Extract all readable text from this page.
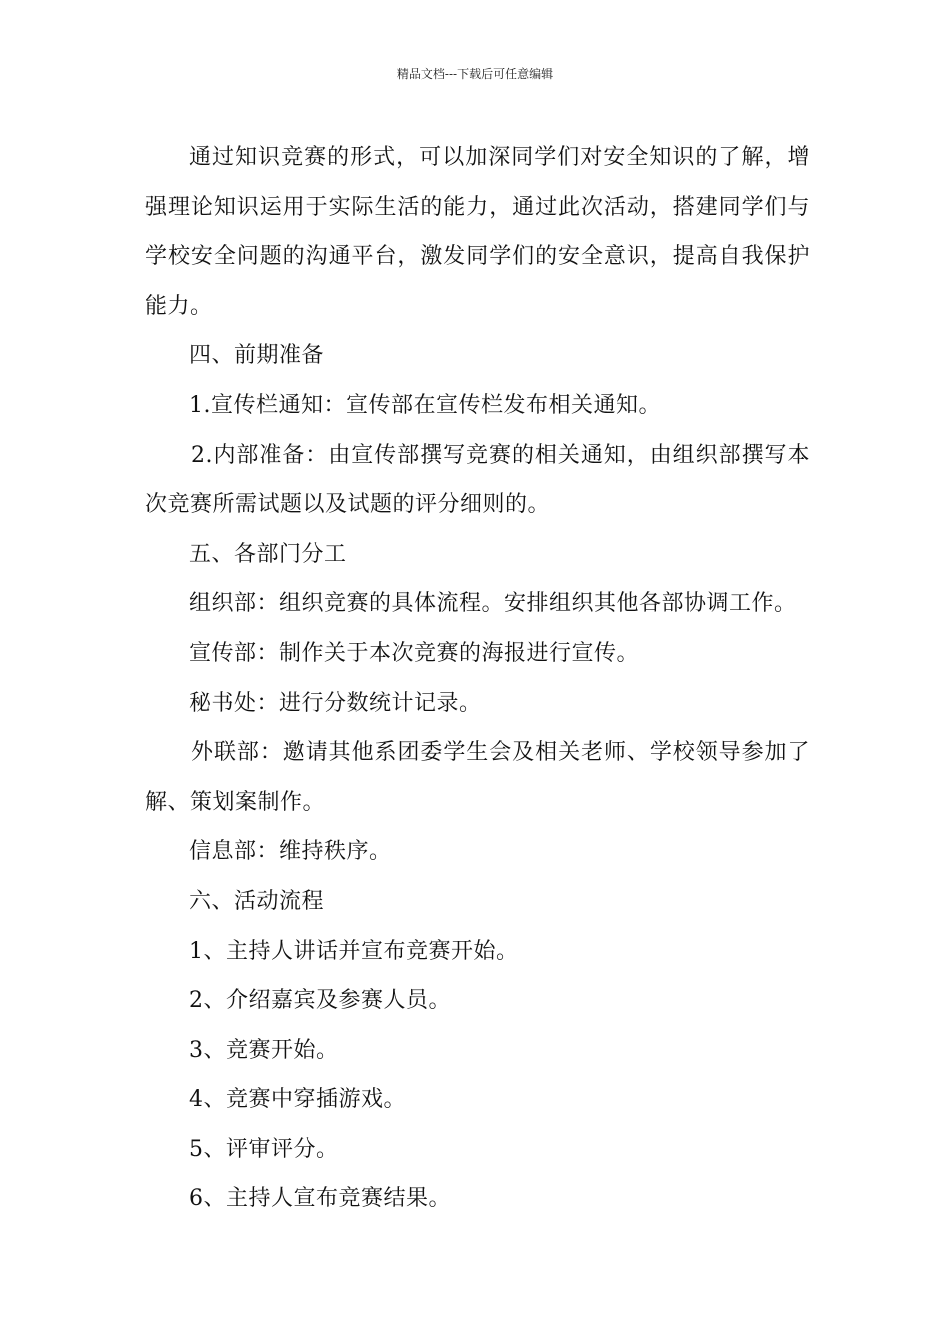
精品文档---下载后可任意编辑

通过知识竞赛的形式，可以加深同学们对安全知识的了解，增强理论知识运用于实际生活的能力，通过此次活动，搭建同学们与学校安全问题的沟通平台，激发同学们的安全意识，提高自我保护能力。

四、前期准备

1.宣传栏通知：宣传部在宣传栏发布相关通知。

2.内部准备：由宣传部撰写竞赛的相关通知，由组织部撰写本次竞赛所需试题以及试题的评分细则的。

五、各部门分工

组织部：组织竞赛的具体流程。安排组织其他各部协调工作。

宣传部：制作关于本次竞赛的海报进行宣传。

秘书处：进行分数统计记录。

外联部：邀请其他系团委学生会及相关老师、学校领导参加了解、策划案制作。

信息部：维持秩序。

六、活动流程

1、主持人讲话并宣布竞赛开始。

2、介绍嘉宾及参赛人员。

3、竞赛开始。

4、竞赛中穿插游戏。

5、评审评分。

6、主持人宣布竞赛结果。
